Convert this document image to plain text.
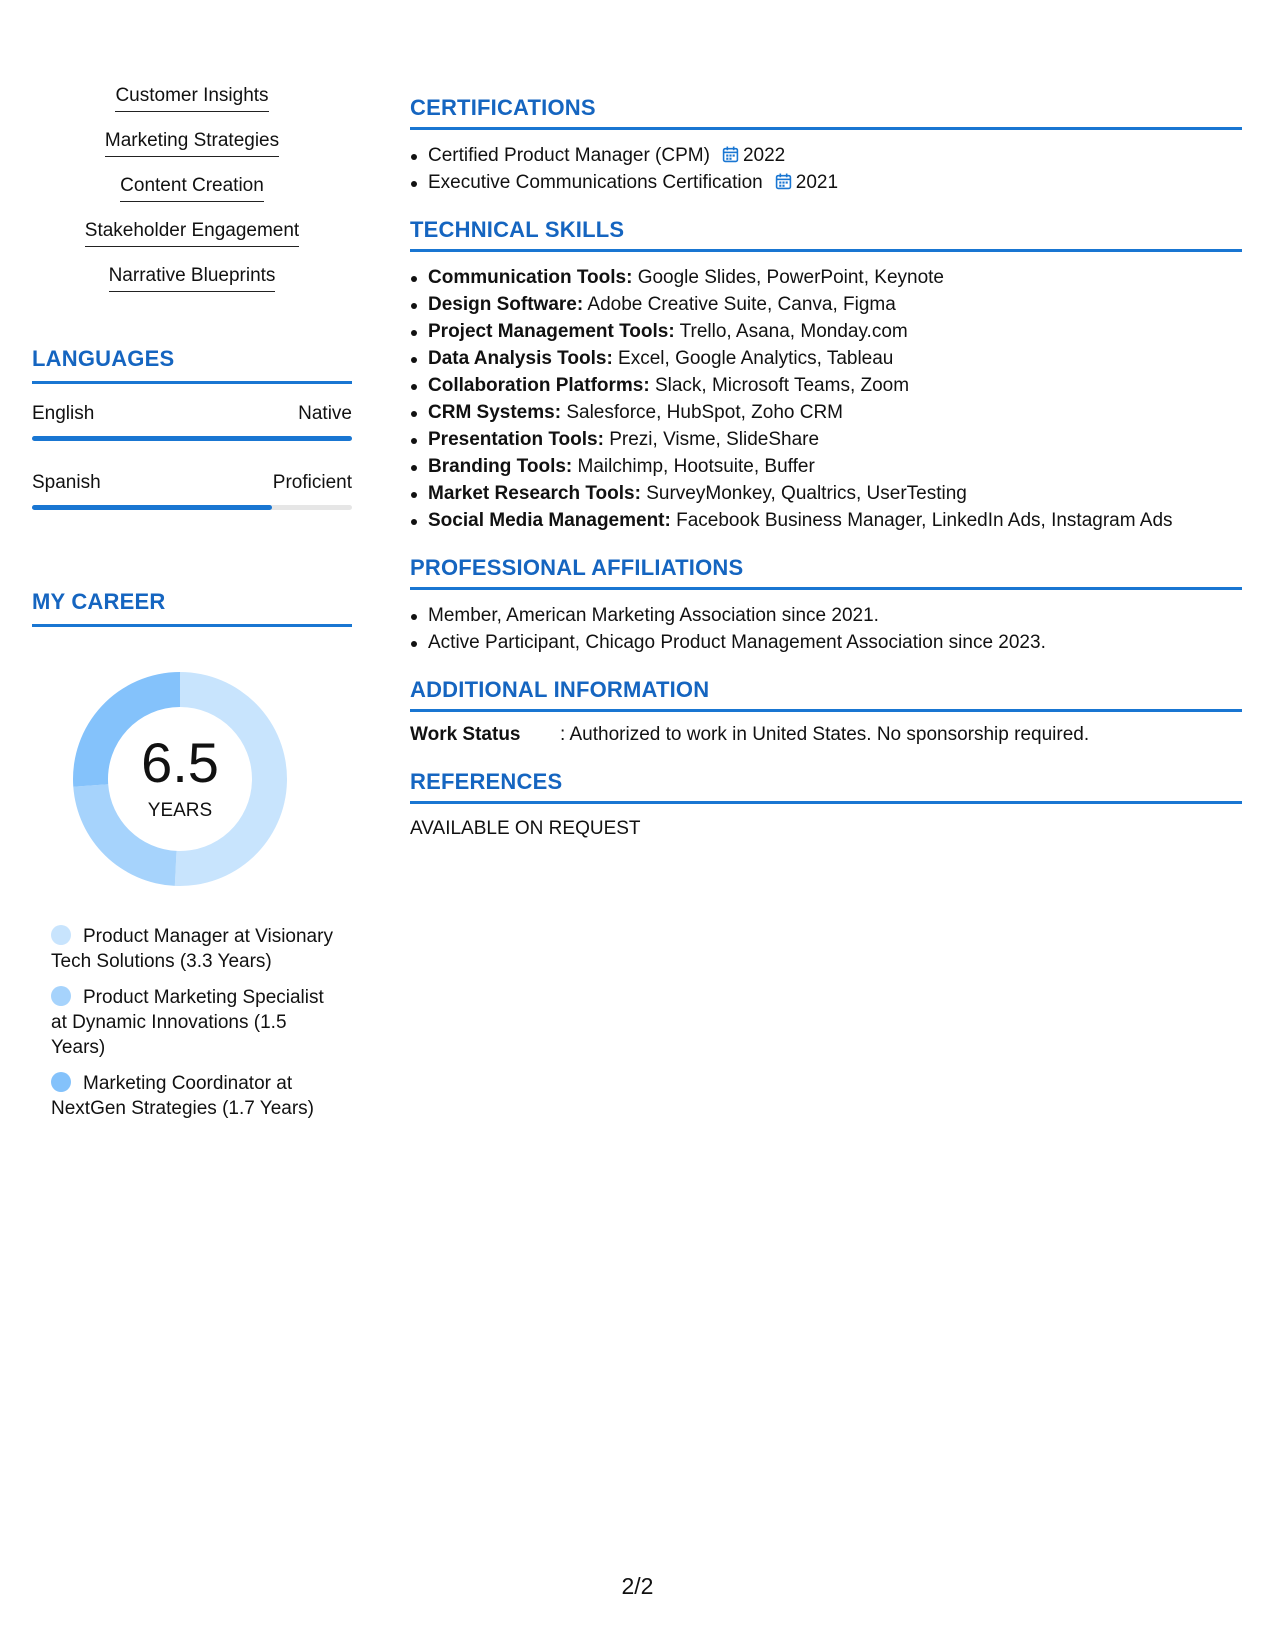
Customer Insights
Marketing Strategies
Content Creation
Stakeholder Engagement
Narrative Blueprints
LANGUAGES
English	Native
Spanish	Proficient
MY CAREER
6.5
YEARS
Product Manager at Visionary Tech Solutions (3.3 Years)
Product Marketing Specialist at Dynamic Innovations (1.5 Years)
Marketing Coordinator at NextGen Strategies (1.7 Years)
CERTIFICATIONS
Certified Product Manager (CPM) 2022
Executive Communications Certification 2021
TECHNICAL SKILLS
Communication Tools: Google Slides, PowerPoint, Keynote
Design Software: Adobe Creative Suite, Canva, Figma
Project Management Tools: Trello, Asana, Monday.com
Data Analysis Tools: Excel, Google Analytics, Tableau
Collaboration Platforms: Slack, Microsoft Teams, Zoom
CRM Systems: Salesforce, HubSpot, Zoho CRM
Presentation Tools: Prezi, Visme, SlideShare
Branding Tools: Mailchimp, Hootsuite, Buffer
Market Research Tools: SurveyMonkey, Qualtrics, UserTesting
Social Media Management: Facebook Business Manager, LinkedIn Ads, Instagram Ads
PROFESSIONAL AFFILIATIONS
Member, American Marketing Association since 2021.
Active Participant, Chicago Product Management Association since 2023.
ADDITIONAL INFORMATION
Work Status	: Authorized to work in United States. No sponsorship required.
REFERENCES
AVAILABLE ON REQUEST
2/2
